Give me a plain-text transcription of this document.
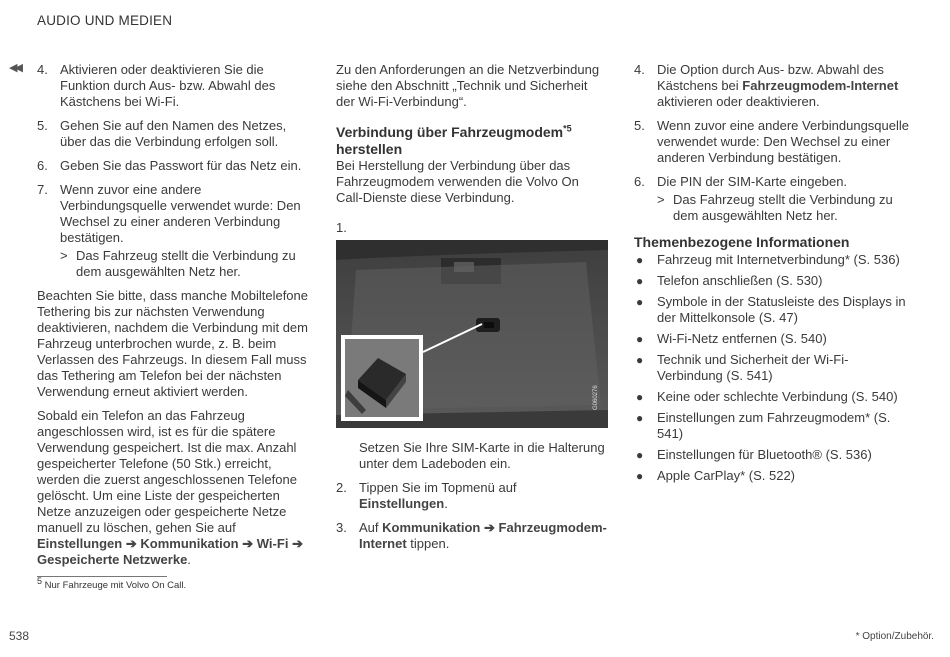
AUDIO UND MEDIEN
◀◀ 4. Aktivieren oder deaktivieren Sie die Funktion durch Aus- bzw. Abwahl des Kästchens bei Wi-Fi.
5. Gehen Sie auf den Namen des Netzes, über das die Verbindung erfolgen soll.
6. Geben Sie das Passwort für das Netz ein.
7. Wenn zuvor eine andere Verbindungsquelle verwendet wurde: Den Wechsel zu einer anderen Verbindung bestätigen.
> Das Fahrzeug stellt die Verbindung zu dem ausgewählten Netz her.

Beachten Sie bitte, dass manche Mobiltelefone Tethering bis zur nächsten Verwendung deaktivieren, nachdem die Verbindung mit dem Fahrzeug unterbrochen wurde, z. B. beim Verlassen des Fahrzeugs. In diesem Fall muss das Tethering am Telefon bei der nächsten Verwendung erneut aktiviert werden.

Sobald ein Telefon an das Fahrzeug angeschlossen wird, ist es für die spätere Verwendung gespeichert. Ist die max. Anzahl gespeicherter Telefone (50 Stk.) erreicht, werden die zuerst angeschlossenen Telefone gelöscht. Um eine Liste der gespeicherten Netze anzuzeigen oder gespeicherte Netze manuell zu löschen, gehen Sie auf Einstellungen ➔ Kommunikation ➔ Wi-Fi ➔ Gespeicherte Netzwerke.

Zu den Anforderungen an die Netzverbindung siehe den Abschnitt „Technik und Sicherheit der Wi-Fi-Verbindung“.

Verbindung über Fahrzeugmodem$^{*5}$
herstellen

Bei Herstellung der Verbindung über das Fahrzeugmodem verwenden die Volvo On Call-Dienste diese Verbindung.

1.
G060276

Setzen Sie Ihre SIM-Karte in die Halterung unter dem Ladeboden ein.

2. Tippen Sie im Topmenü auf Einstellungen.
3. Auf Kommunikation ➔ Fahrzeugmodem-Internet tippen.
4. Die Option durch Aus- bzw. Abwahl des Kästchens bei Fahrzeugmodem-Internet aktivieren oder deaktivieren.
5. Wenn zuvor eine andere Verbindungsquelle verwendet wurde: Den Wechsel zu einer anderen Verbindung bestätigen.
6. Die PIN der SIM-Karte eingeben.
> Das Fahrzeug stellt die Verbindung zu dem ausgewählten Netz her.
Themenbezogene Informationen
● Fahrzeug mit Internetverbindung* (S. 536)
● Telefon anschließen (S. 530)
● Symbole in der Statusleiste des Displays in der Mittelkonsole (S. 47)
● Wi-Fi-Netz entfernen (S. 540)
● Technik und Sicherheit der Wi-Fi-Verbindung (S. 541)
● Keine oder schlechte Verbindung (S. 540)
● Einstellungen zum Fahrzeugmodem* (S. 541)
● Einstellungen für Bluetooth® (S. 536)
● Apple CarPlay* (S. 522)
$^5$ Nur Fahrzeuge mit Volvo On Call.
538	* Option/Zubehör.
